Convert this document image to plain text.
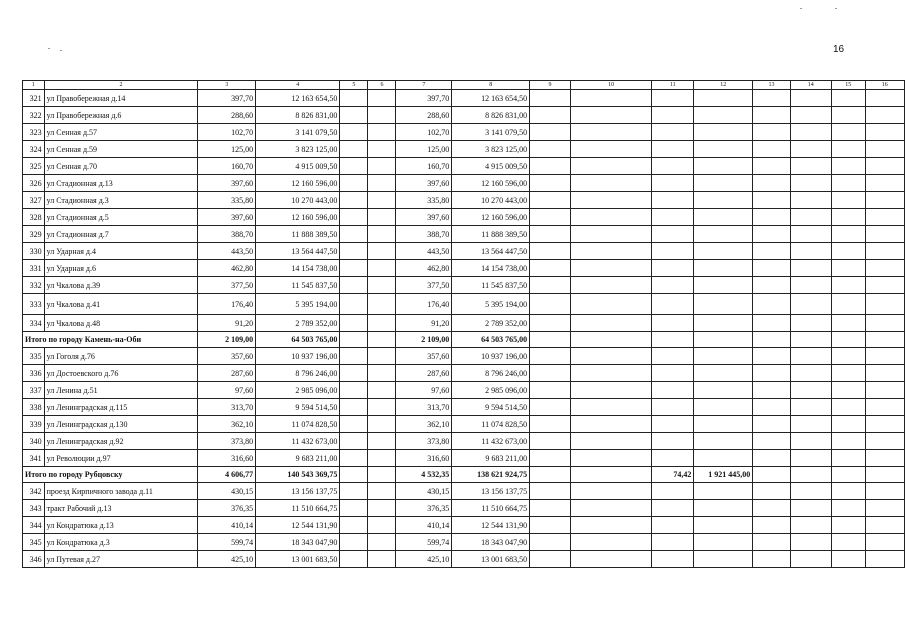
16
1	2	3	4	5	6	7	8	9	10	11	12	13	14	15	16
321	ул Правобережная д.14	397,70	12 163 654,50			397,70	12 163 654,50								
322	ул Правобережная д.6	288,60	8 826 831,00			288,60	8 826 831,00								
323	ул Сенная д.57	102,70	3 141 079,50			102,70	3 141 079,50								
324	ул Сенная д.59	125,00	3 823 125,00			125,00	3 823 125,00								
325	ул Сенная д.70	160,70	4 915 009,50			160,70	4 915 009,50								
326	ул Стадионная д.13	397,60	12 160 596,00			397,60	12 160 596,00								
327	ул Стадионная д.3	335,80	10 270 443,00			335,80	10 270 443,00								
328	ул Стадионная д.5	397,60	12 160 596,00			397,60	12 160 596,00								
329	ул Стадионная д.7	388,70	11 888 389,50			388,70	11 888 389,50								
330	ул Ударная д.4	443,50	13 564 447,50			443,50	13 564 447,50								
331	ул Ударная д.6	462,80	14 154 738,00			462,80	14 154 738,00								
332	ул Чкалова д.39	377,50	11 545 837,50			377,50	11 545 837,50								
333	ул Чкалова д.41	176,40	5 395 194,00			176,40	5 395 194,00								
334	ул Чкалова д.48	91,20	2 789 352,00			91,20	2 789 352,00								
Итого по городу Камень-на-Оби		2 109,00	64 503 765,00			2 109,00	64 503 765,00								
335	ул Гоголя д.76	357,60	10 937 196,00			357,60	10 937 196,00								
336	ул Достоевского д.76	287,60	8 796 246,00			287,60	8 796 246,00								
337	ул Ленина д.51	97,60	2 985 096,00			97,60	2 985 096,00								
338	ул Ленинградская д.115	313,70	9 594 514,50			313,70	9 594 514,50								
339	ул Ленинградская д.130	362,10	11 074 828,50			362,10	11 074 828,50								
340	ул Ленинградская д.92	373,80	11 432 673,00			373,80	11 432 673,00								
341	ул Революции д.97	316,60	9 683 211,00			316,60	9 683 211,00								
Итого по городу Рубцовску		4 606,77	140 543 369,75			4 532,35	138 621 924,75			74,42	1 921 445,00				
342	проезд Кирпичного завода д.11	430,15	13 156 137,75			430,15	13 156 137,75								
343	тракт Рабочий д.13	376,35	11 510 664,75			376,35	11 510 664,75								
344	ул Кондратюка д.13	410,14	12 544 131,90			410,14	12 544 131,90								
345	ул Кондратюка д.3	599,74	18 343 047,90			599,74	18 343 047,90								
346	ул Путевая д.27	425,10	13 001 683,50			425,10	13 001 683,50								
